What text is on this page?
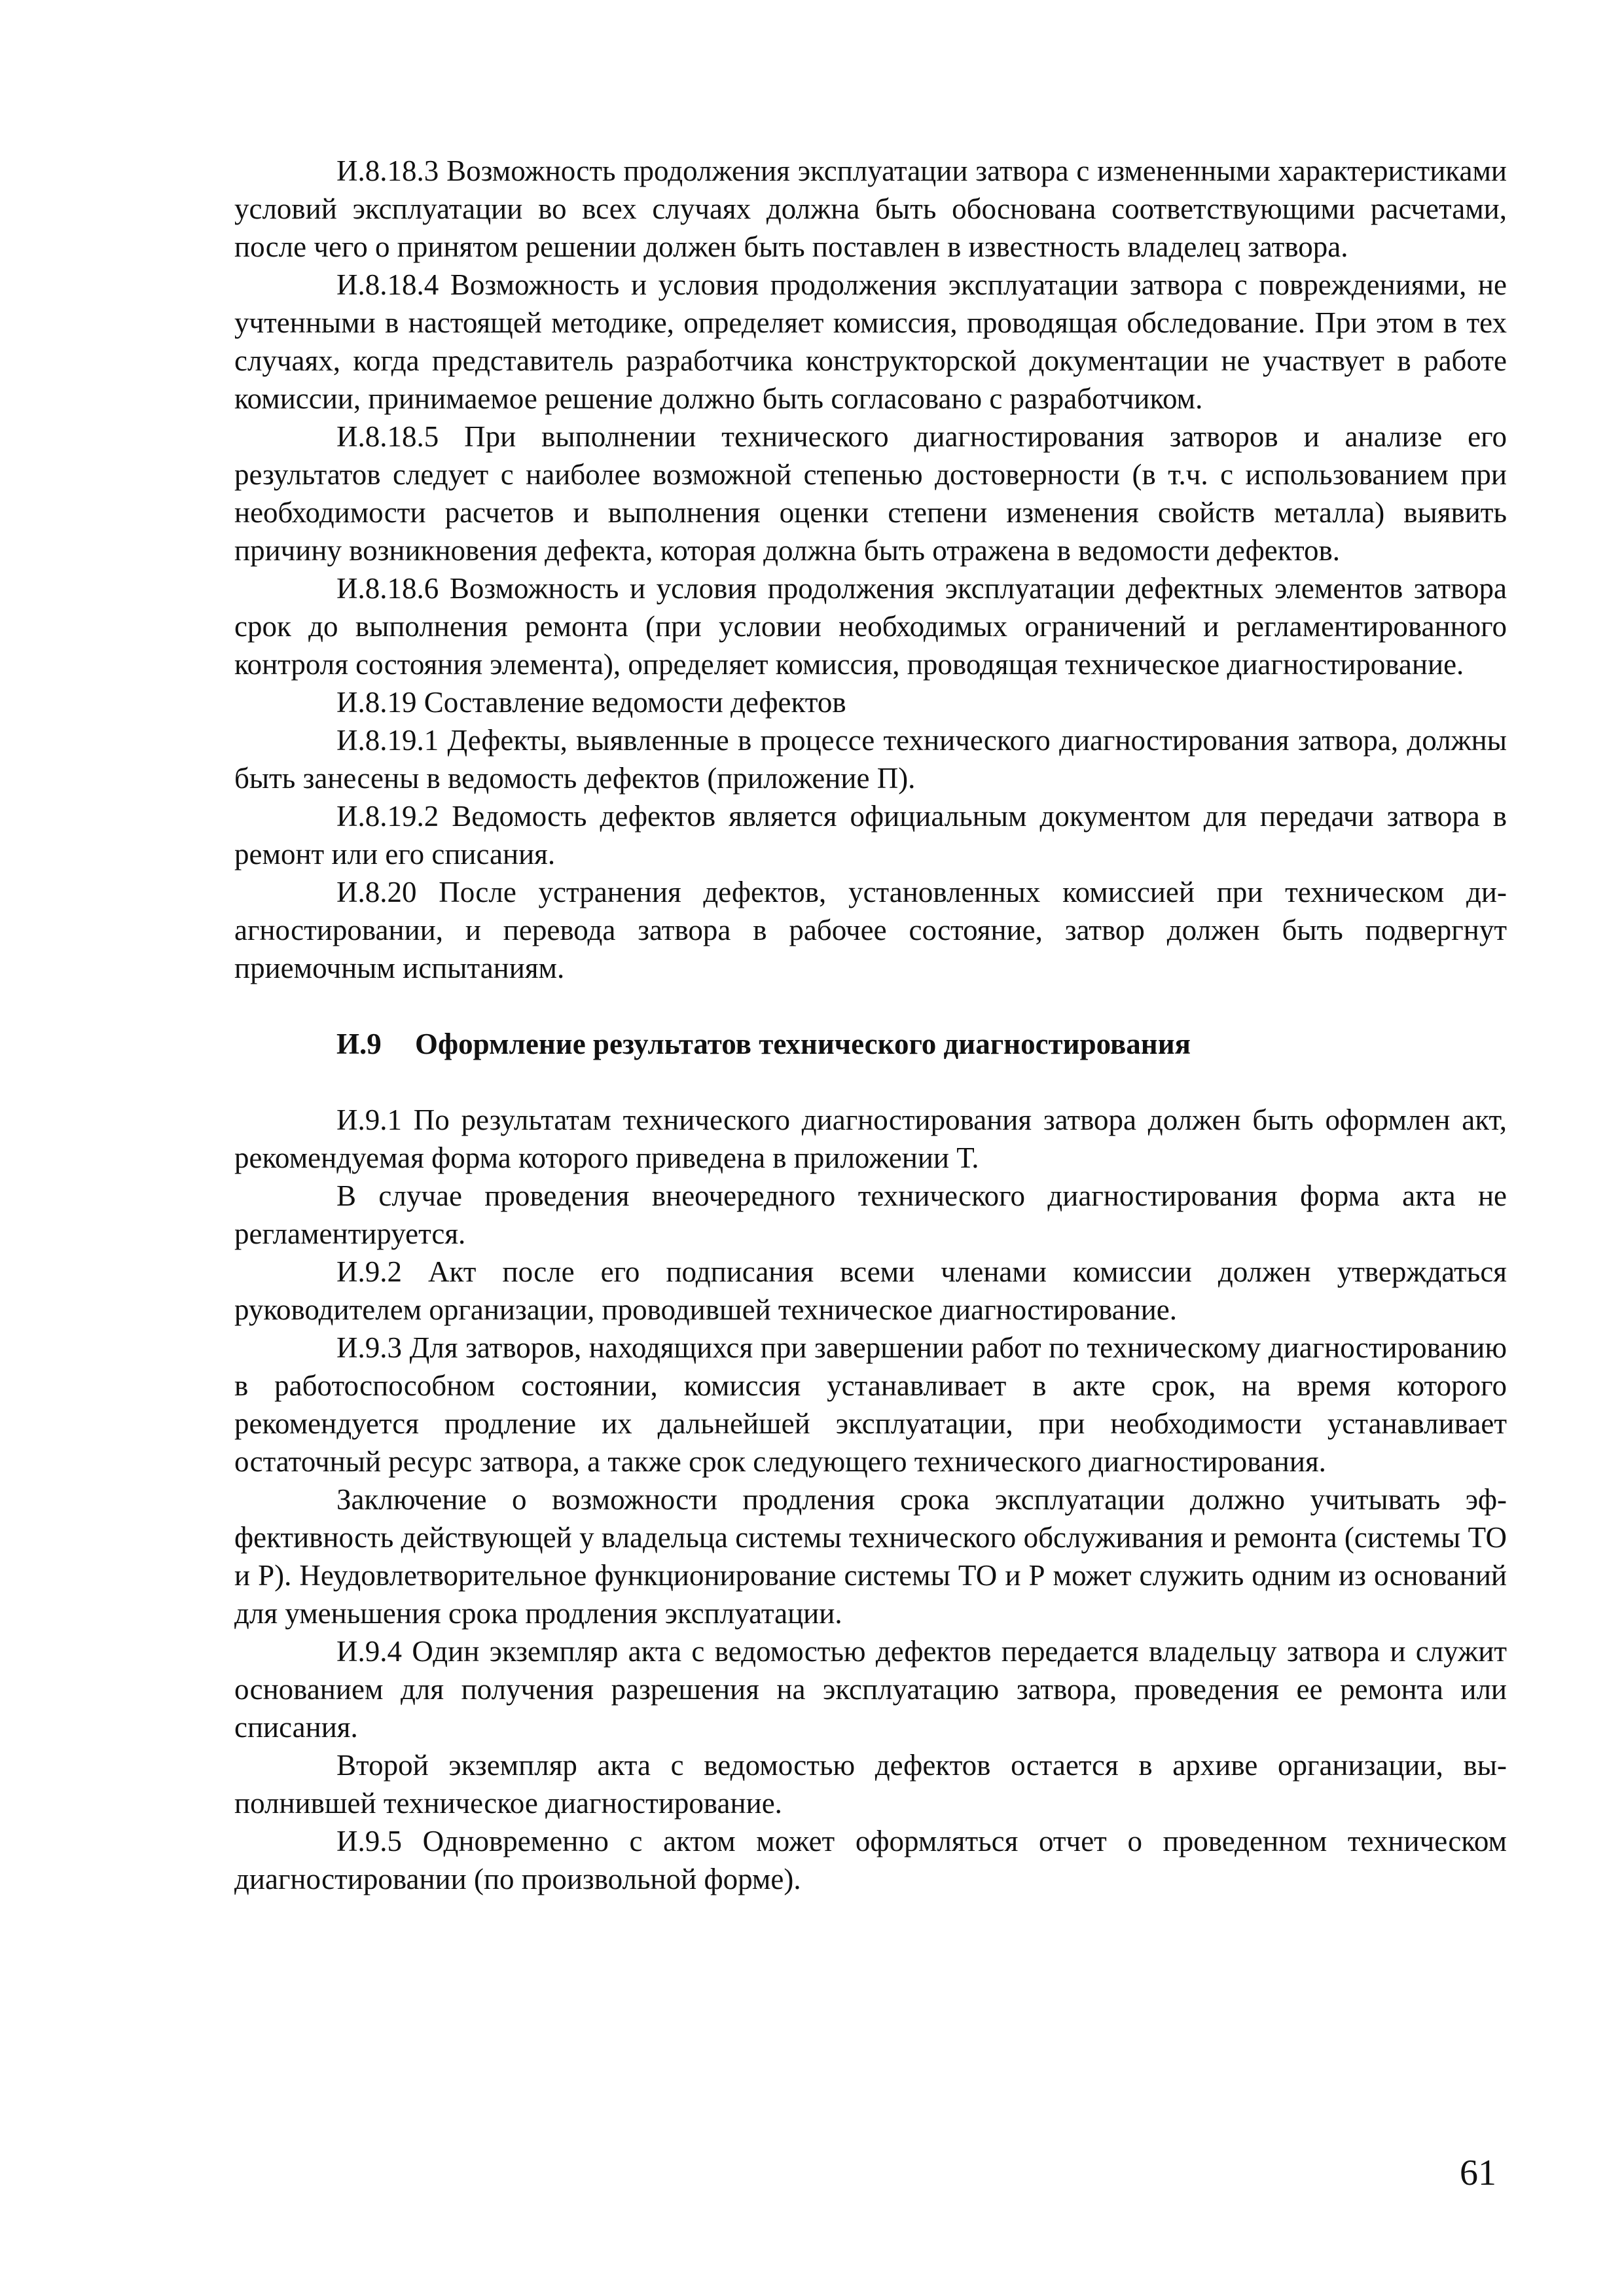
И.8.18.3 Возможность продолжения эксплуатации затвора с измененными характеристиками условий эксплуатации во всех случаях должна быть обоснована соответствующими расчетами, после чего о принятом решении должен быть поставлен в известность владелец затвора.

И.8.18.4 Возможность и условия продолжения эксплуатации затвора с повреждениями, не учтенными в настоящей методике, определяет комиссия, проводящая обследование. При этом в тех случаях, когда представитель разработчика конструкторской документации не участвует в работе комиссии, принимаемое решение должно быть согласовано с разработчиком.

И.8.18.5 При выполнении технического диагностирования затворов и анализе его результатов следует с наиболее возможной степенью достоверности (в т.ч. с использованием при необходимости расчетов и выполнения оценки степени изменения свойств металла) выявить причину возникновения дефекта, которая должна быть отражена в ведомости дефектов.

И.8.18.6 Возможность и условия продолжения эксплуатации дефектных элементов затвора срок до выполнения ремонта (при условии необходимых ограничений и регламентированного контроля состояния элемента), определяет комиссия, проводящая техническое диагностирование.

И.8.19 Составление ведомости дефектов

И.8.19.1 Дефекты, выявленные в процессе технического диагностирования затвора, должны быть занесены в ведомость дефектов (приложение П).

И.8.19.2 Ведомость дефектов является официальным документом для передачи затвора в ремонт или его списания.

И.8.20 После устранения дефектов, установленных комиссией при техническом диагностировании, и перевода затвора в рабочее состояние, затвор должен быть подвергнут приемочным испытаниям.

И.9 Оформление результатов технического диагностирования

И.9.1 По результатам технического диагностирования затвора должен быть оформлен акт, рекомендуемая форма которого приведена в приложении Т.

В случае проведения внеочередного технического диагностирования форма акта не регламентируется.

И.9.2 Акт после его подписания всеми членами комиссии должен утверждаться руководителем организации, проводившей техническое диагностирование.

И.9.3 Для затворов, находящихся при завершении работ по техническому диагностированию в работоспособном состоянии, комиссия устанавливает в акте срок, на время которого рекомендуется продление их дальнейшей эксплуатации, при необходимости устанавливает остаточный ресурс затвора, а также срок следующего технического диагностирования.

Заключение о возможности продления срока эксплуатации должно учитывать эффективность действующей у владельца системы технического обслуживания и ремонта (системы ТО и Р). Неудовлетворительное функционирование системы ТО и Р может служить одним из оснований для уменьшения срока продления эксплуатации.

И.9.4 Один экземпляр акта с ведомостью дефектов передается владельцу затвора и служит основанием для получения разрешения на эксплуатацию затвора, проведения ее ремонта или списания.

Второй экземпляр акта с ведомостью дефектов остается в архиве организации, выполнившей техническое диагностирование.

И.9.5 Одновременно с актом может оформляться отчет о проведенном техническом диагностировании (по произвольной форме).

61
